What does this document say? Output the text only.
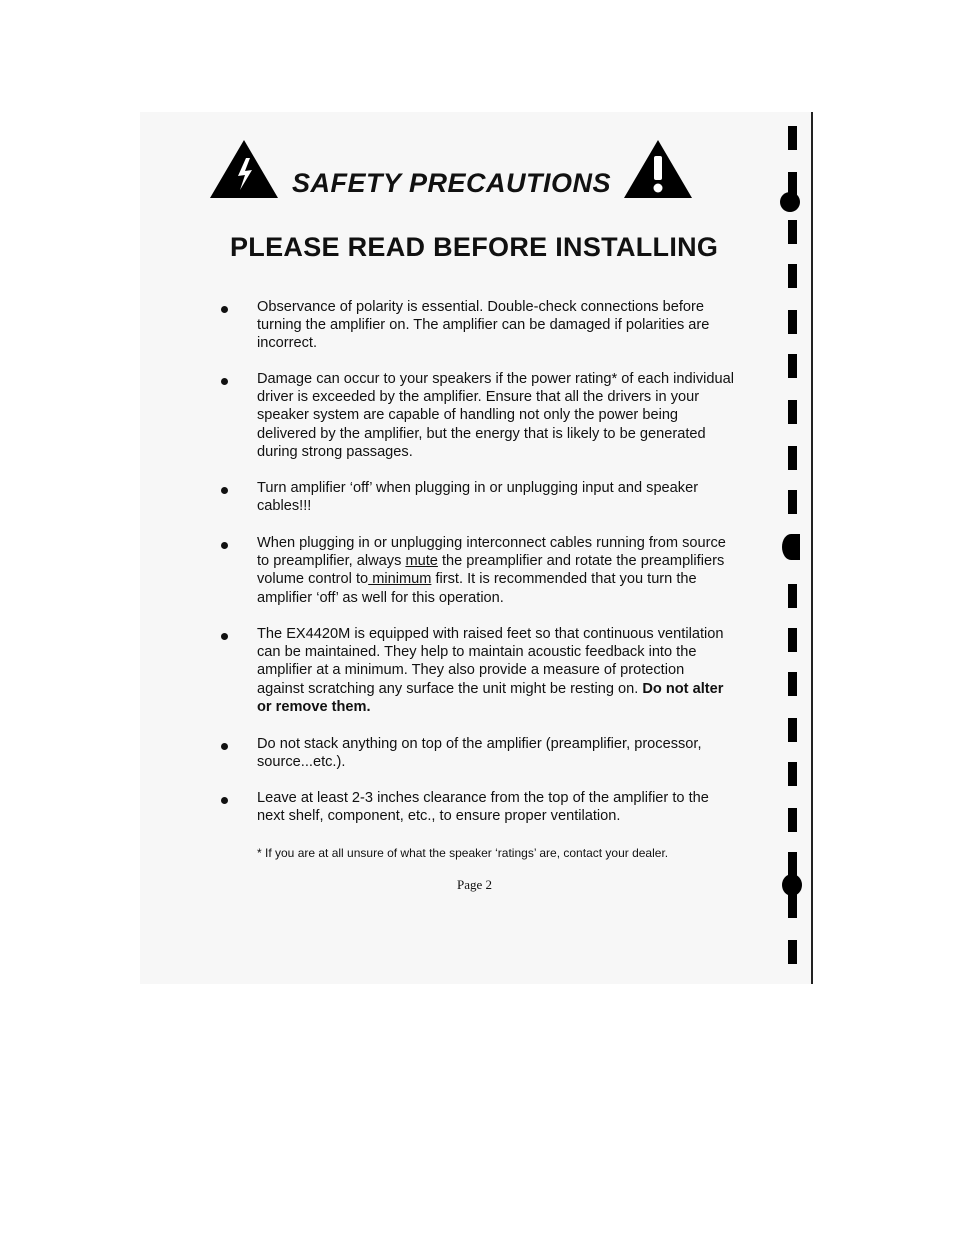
SAFETY PRECAUTIONS
PLEASE READ BEFORE INSTALLING
Observance of polarity is essential. Double-check connections before turning the amplifier on. The amplifier can be damaged if polarities are incorrect.
Damage can occur to your speakers if the power rating* of each individual driver is exceeded by the amplifier. Ensure that all the drivers in your speaker system are capable of handling not only the power being delivered by the amplifier, but the energy that is likely to be generated during strong passages.
Turn amplifier ‘off’ when plugging in or unplugging input and speaker cables!!!
When plugging in or unplugging interconnect cables running from source to preamplifier, always mute the preamplifier and rotate the preamplifiers volume control to minimum first. It is recommended that you turn the amplifier ‘off’ as well for this operation.
The EX4420M is equipped with raised feet so that continuous ventilation can be maintained. They help to maintain acoustic feedback into the amplifier at a minimum. They also provide a measure of protection against scratching any surface the unit might be resting on. Do not alter or remove them.
Do not stack anything on top of the amplifier (preamplifier, processor, source...etc.).
Leave at least 2-3 inches clearance from the top of the amplifier to the next shelf, component, etc., to ensure proper ventilation.
* If you are at all unsure of what the speaker ‘ratings’ are, contact your dealer.
Page 2
